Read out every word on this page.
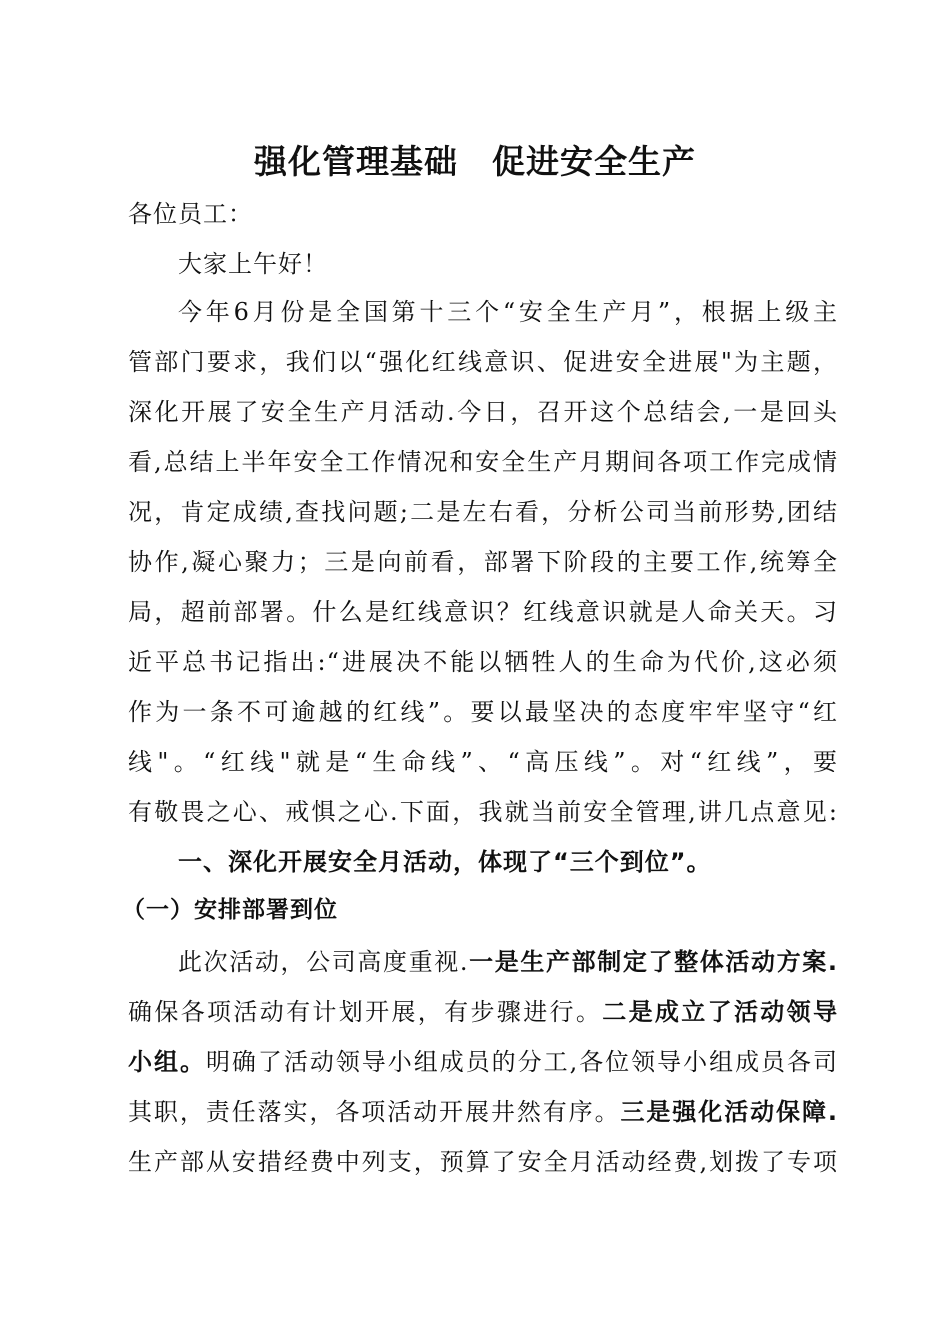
强化管理基础　促进安全生产
各位员工：
大家上午好！
今年6月份是全国第十三个“安全生产月”，根据上级主
管部门要求，我们以“强化红线意识、促进安全进展"为主题，
深化开展了安全生产月活动.今日，召开这个总结会,一是回头
看,总结上半年安全工作情况和安全生产月期间各项工作完成情
况，肯定成绩,查找问题;二是左右看，分析公司当前形势,团结
协作,凝心聚力；三是向前看，部署下阶段的主要工作,统筹全
局，超前部署。什么是红线意识？红线意识就是人命关天。习
近平总书记指出:“进展决不能以牺牲人的生命为代价,这必须
作为一条不可逾越的红线”。要以最坚决的态度牢牢坚守“红
线"。“红线"就是“生命线”、“高压线”。对“红线”，要
有敬畏之心、戒惧之心.下面，我就当前安全管理,讲几点意见:
一、深化开展安全月活动，体现了“三个到位”。
（一）安排部署到位
此次活动，公司高度重视.一是生产部制定了整体活动方案.
确保各项活动有计划开展，有步骤进行。二是成立了活动领导
小组。明确了活动领导小组成员的分工,各位领导小组成员各司
其职，责任落实，各项活动开展井然有序。三是强化活动保障.
生产部从安措经费中列支，预算了安全月活动经费,划拨了专项
